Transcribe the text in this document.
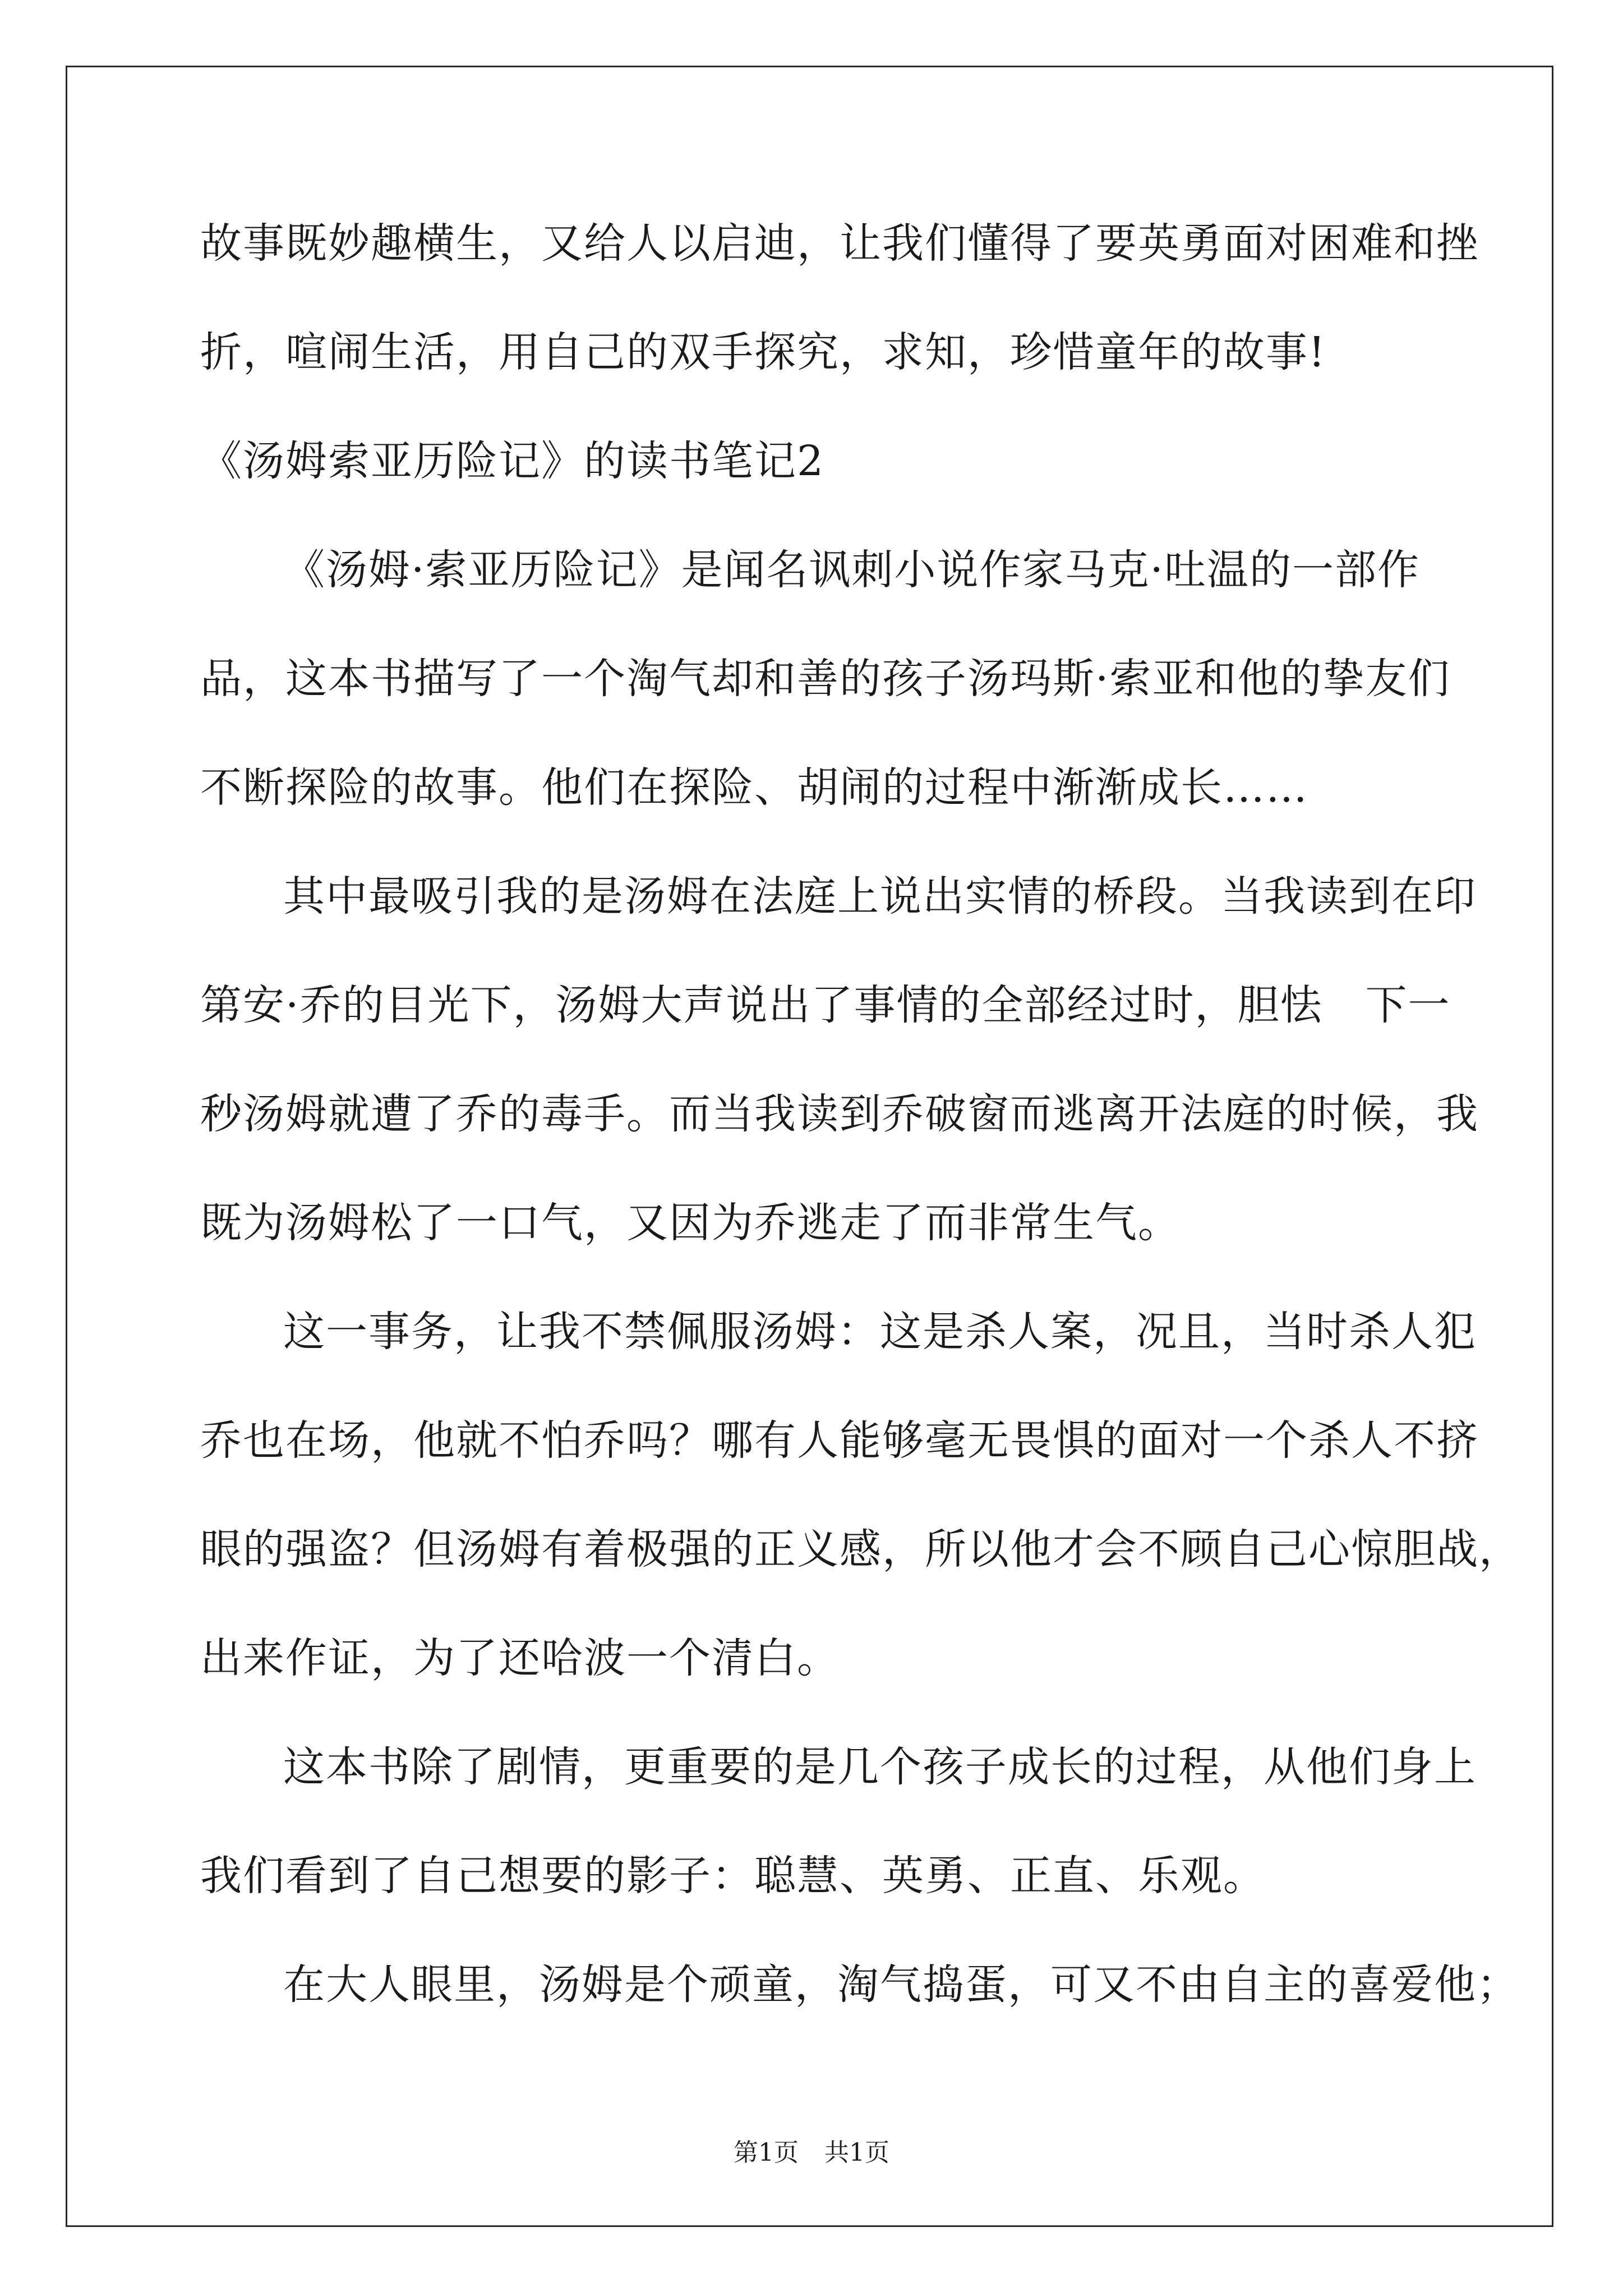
故事既妙趣横生，又给人以启迪，让我们懂得了要英勇面对困难和挫
折，喧闹生活，用自己的双手探究，求知，珍惜童年的故事!
《汤姆索亚历险记》的读书笔记2
《汤姆·索亚历险记》是闻名讽刺小说作家马克·吐温的一部作
品，这本书描写了一个淘气却和善的孩子汤玛斯·索亚和他的挚友们
不断探险的故事。他们在探险、胡闹的过程中渐渐成长……
其中最吸引我的是汤姆在法庭上说出实情的桥段。当我读到在印
第安·乔的目光下，汤姆大声说出了事情的全部经过时，胆怯　下一
秒汤姆就遭了乔的毒手。而当我读到乔破窗而逃离开法庭的时候，我
既为汤姆松了一口气，又因为乔逃走了而非常生气。
这一事务，让我不禁佩服汤姆：这是杀人案，况且，当时杀人犯
乔也在场，他就不怕乔吗？哪有人能够毫无畏惧的面对一个杀人不挤
眼的强盗？但汤姆有着极强的正义感，所以他才会不顾自己心惊胆战，
出来作证，为了还哈波一个清白。
这本书除了剧情，更重要的是几个孩子成长的过程，从他们身上
我们看到了自己想要的影子：聪慧、英勇、正直、乐观。
在大人眼里，汤姆是个顽童，淘气捣蛋，可又不由自主的喜爱他；
第1页 共1页
